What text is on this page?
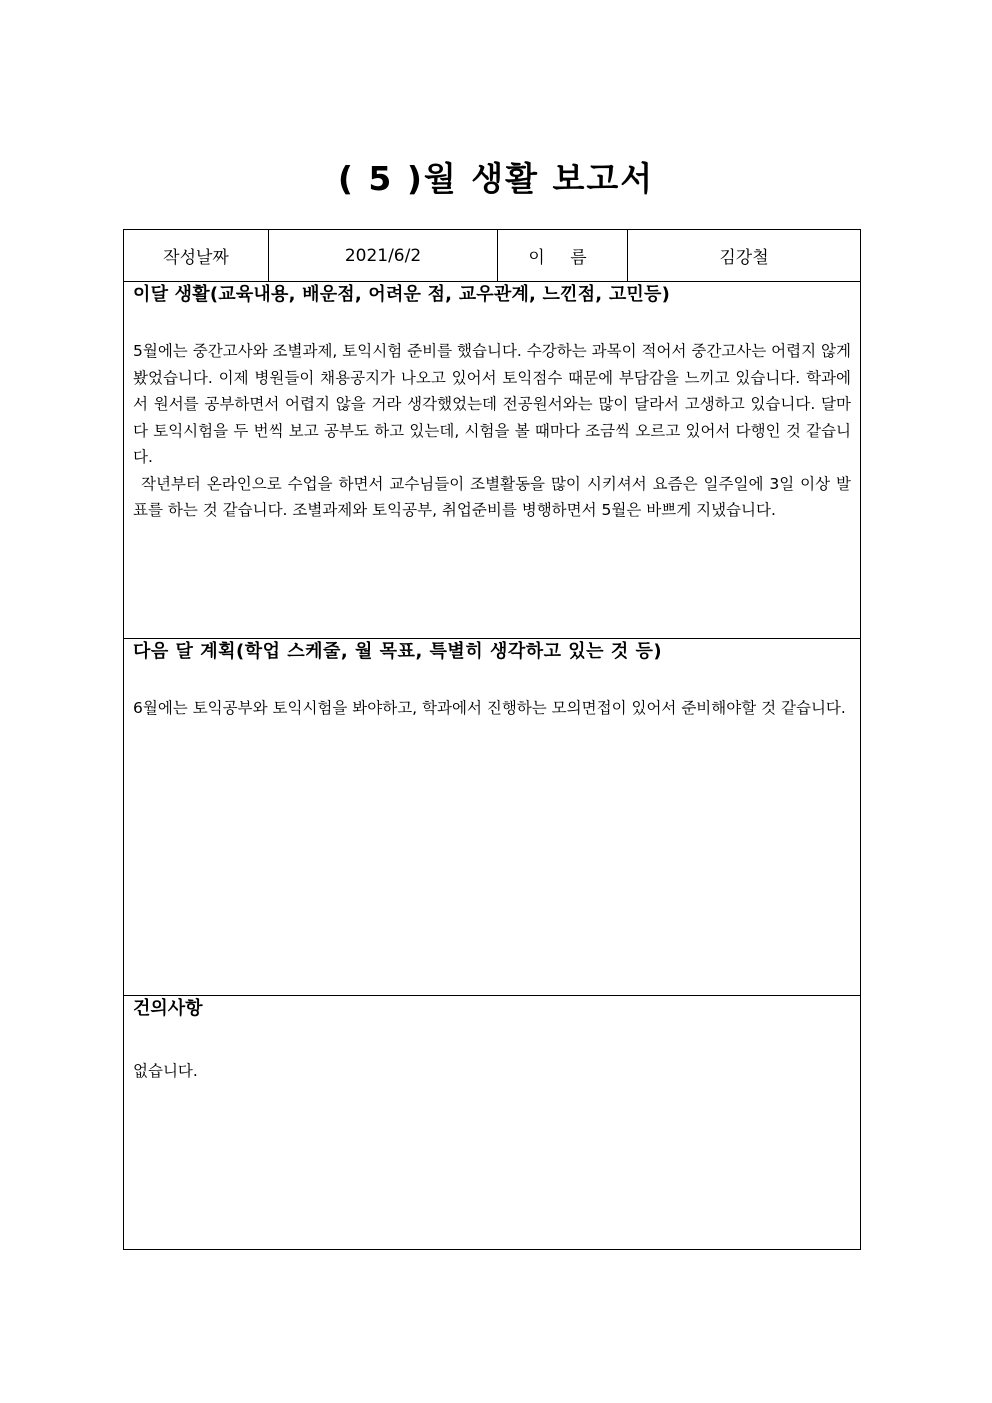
( 5 )월 생활 보고서
작성날짜	2021/6/2	이 름	김강철
이달 생활(교육내용, 배운점, 어려운 점, 교우관계, 느낀점, 고민등)

5월에는 중간고사와 조별과제, 토익시험 준비를 했습니다. 수강하는 과목이 적어서 중간고사는 어렵지 않게 봤었습니다. 이제 병원들이 채용공지가 나오고 있어서 토익점수 때문에 부담감을 느끼고 있습니다. 학과에서 원서를 공부하면서 어렵지 않을 거라 생각했었는데 전공원서와는 많이 달라서 고생하고 있습니다. 달마다 토익시험을 두 번씩 보고 공부도 하고 있는데, 시험을 볼 때마다 조금씩 오르고 있어서 다행인 것 같습니다.

작년부터 온라인으로 수업을 하면서 교수님들이 조별활동을 많이 시키셔서 요즘은 일주일에 3일 이상 발표를 하는 것 같습니다. 조별과제와 토익공부, 취업준비를 병행하면서 5월은 바쁘게 지냈습니다.

다음 달 계획(학업 스케줄, 월 목표, 특별히 생각하고 있는 것 등)

6월에는 토익공부와 토익시험을 봐야하고, 학과에서 진행하는 모의면접이 있어서 준비해야할 것 같습니다.

건의사항

없습니다.
